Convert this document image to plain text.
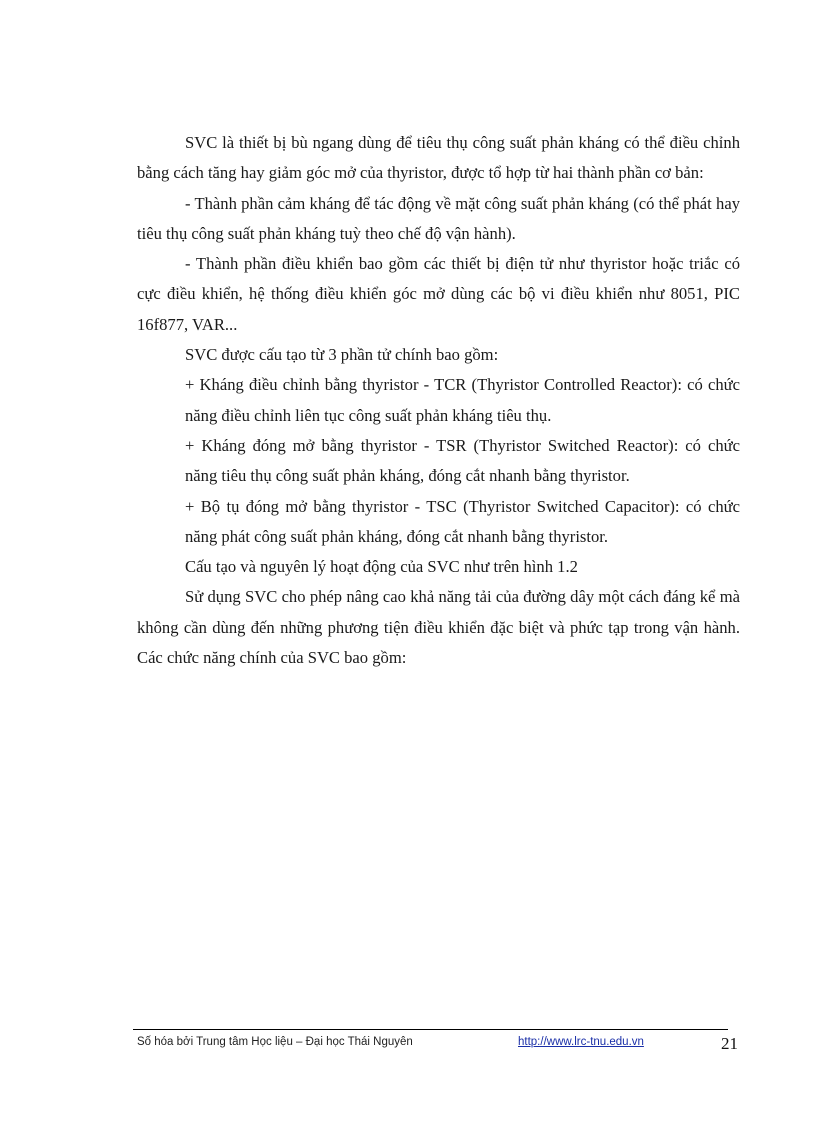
SVC là thiết bị bù ngang dùng để tiêu thụ công suất phản kháng có thể điều chỉnh bằng cách tăng hay giảm góc mở của thyristor, được tổ hợp từ hai thành phần cơ bản:

- Thành phần cảm kháng để tác động về mặt công suất phản kháng (có thể phát hay tiêu thụ công suất phản kháng tuỳ theo chế độ vận hành).

- Thành phần điều khiển bao gồm các thiết bị điện tử như thyristor hoặc triắc có cực điều khiển, hệ thống điều khiển góc mở dùng các bộ vi điều khiển như 8051, PIC 16f877, VAR...

SVC được cấu tạo từ 3 phần tử chính bao gồm:

+ Kháng điều chỉnh bằng thyristor - TCR (Thyristor Controlled Reactor): có chức năng điều chỉnh liên tục công suất phản kháng tiêu thụ.

+ Kháng đóng mở bằng thyristor - TSR (Thyristor Switched Reactor): có chức năng tiêu thụ công suất phản kháng, đóng cắt nhanh bằng thyristor.

+ Bộ tụ đóng mở bằng thyristor - TSC (Thyristor Switched Capacitor): có chức năng phát công suất phản kháng, đóng cắt nhanh bằng thyristor.

Cấu tạo và nguyên lý hoạt động của SVC như trên hình 1.2

Sử dụng SVC cho phép nâng cao khả năng tải của đường dây một cách đáng kể mà không cần dùng đến những phương tiện điều khiển đặc biệt và phức tạp trong vận hành. Các chức năng chính của SVC bao gồm:

Số hóa bởi Trung tâm Học liệu – Đại học Thái Nguyên	http://www.lrc-tnu.edu.vn	21
